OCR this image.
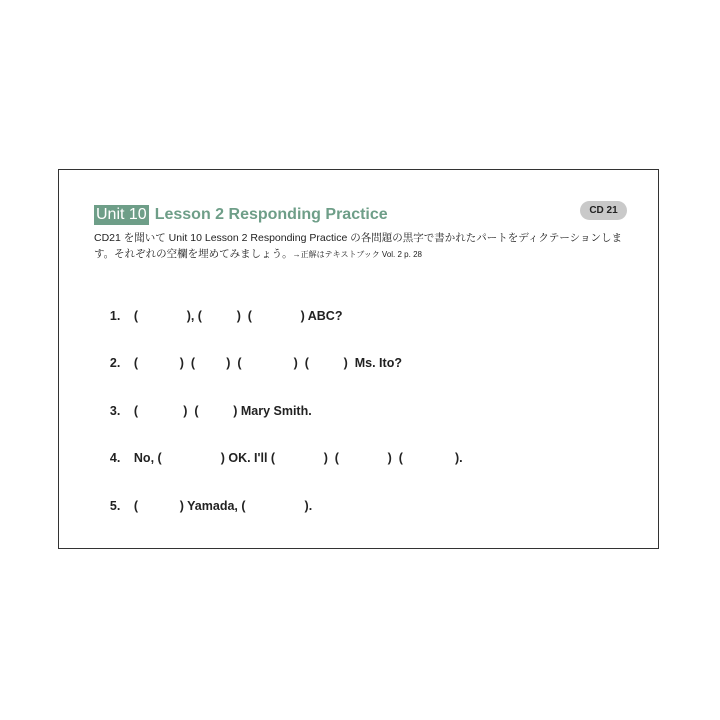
Unit 10 Lesson 2 Responding Practice	CD 21
CD21 を聞いて Unit 10 Lesson 2 Responding Practice の各問題の黒字で書かれたパートをディクテーションします。それぞれの空欄を埋めてみましょう。→正解はテキストブック Vol. 2 p. 28

1. (              ), (          )  (              ) ABC?

2. (            )  (         )  (               )  (          )  Ms. Ito?

3. (             )  (          ) Mary Smith.

4. No, (                 ) OK. I'll (              )  (              )  (               ).

5. (            ) Yamada, (                 ).
